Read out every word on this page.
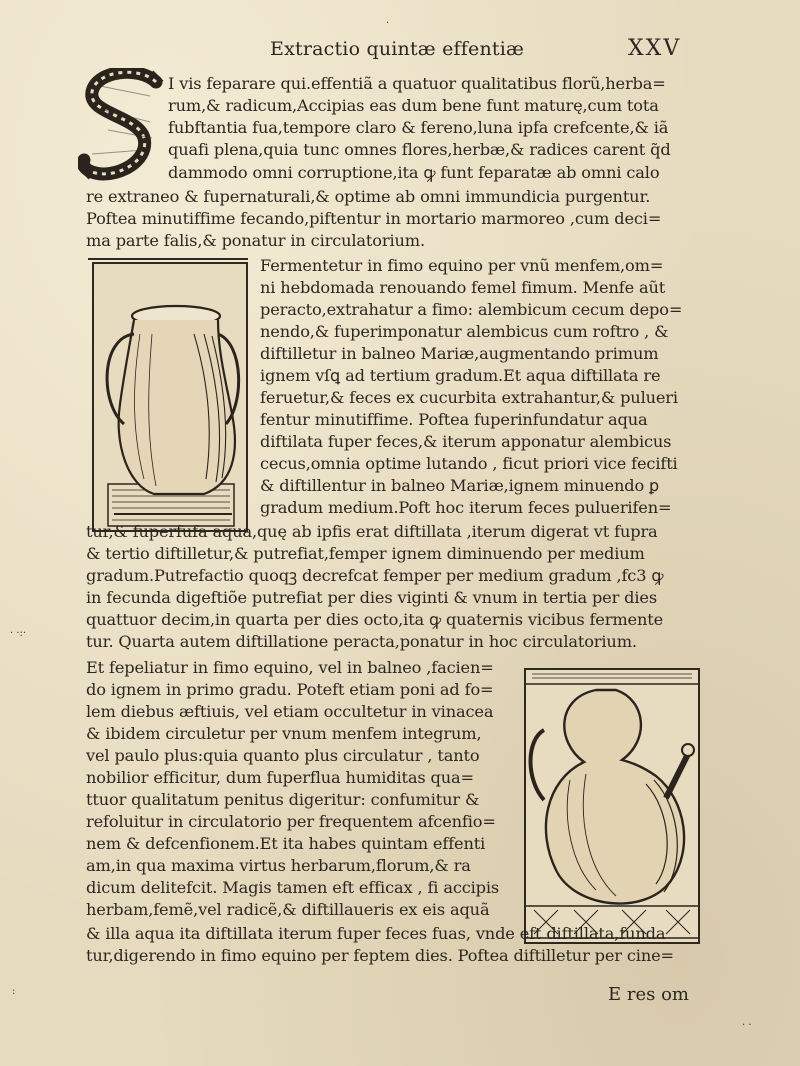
Extractio quintæ effentiæ	XXV
I vis feparare qui.effentiã a quatuor qualitatibus florũ,herba=
rum,& radicum,Accipias eas dum bene funt maturę,cum tota
fubftantia fua,tempore claro & fereno,luna ipfa crefcente,& iã
quafi plena,quia tunc omnes flores,herbæ,& radices carent q̃d
dammodo omni corruptione,ita ꝙ funt feparatæ ab omni calo
re extraneo & fupernaturali,& optime ab omni immundicia purgentur.
Poftea minutiffime fecando,piftentur in mortario marmoreo ,cum deci=
ma parte falis,& ponatur in circulatorium.
Fermentetur in fimo equino per vnũ menfem,om=
ni hebdomada renouando femel fimum. Menfe aũt
peracto,extrahatur a fimo: alembicum cecum depo=
nendo,& fuperimponatur alembicus cum roftro , &
diftilletur in balneo Mariæ,augmentando primum
ignem vſꝗ ad tertium gradum.Et aqua diftillata re
feruetur,& feces ex cucurbita extrahantur,& pulueri
fentur minutiffime. Poftea fuperinfundatur aqua
diftilata fuper feces,& iterum apponatur alembicus
cecus,omnia optime lutando , ficut priori vice fecifti
& diftillentur in balneo Mariæ,ignem minuendo ꝑ
gradum medium.Poft hoc iterum feces puluerifen=
tur,& fuperfufa aqua,quę ab ipfis erat diftillata ,iterum digerat vt fupra
& tertio diftilletur,& putrefiat,femper ignem diminuendo per medium
gradum.Putrefactio quoqꝫ decrefcat femper per medium gradum ,fc3 ꝙ
in fecunda digeftiõe putrefiat per dies viginti & vnum in tertia per dies
quattuor decim,in quarta per dies octo,ita ꝙ quaternis vicibus fermente
tur. Quarta autem diftillatione peracta,ponatur in hoc circulatorium.
Et fepeliatur in fimo equino, vel in balneo ,facien=
do ignem in primo gradu. Poteft etiam poni ad fo=
lem diebus æftiuis, vel etiam occultetur in vinacea
& ibidem circuletur per vnum menfem integrum,
vel paulo plus:quia quanto plus circulatur , tanto
nobilior efficitur, dum fuperflua humiditas qua=
ttuor qualitatum penitus digeritur: confumitur &
refoluitur in circulatorio per frequentem afcenfio=
nem & defcenfionem.Et ita habes quintam effenti
am,in qua maxima virtus herbarum,florum,& ra
dicum delitefcit. Magis tamen eft efficax , fi accipis
herbam,femẽ,vel radicẽ,& diftillaueris ex eis aquã
& illa aqua ita diftillata iterum fuper feces fuas, vnde eft diftillata,funda
tur,digerendo in fimo equino per feptem dies. Poftea diftilletur per cine=
E res om
· ·:·
:
·
· ·
